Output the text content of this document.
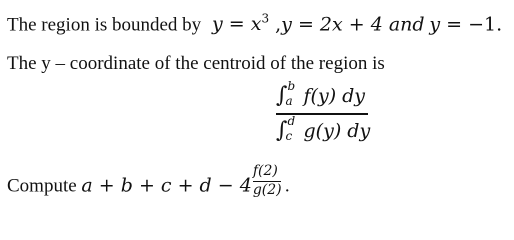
The region is bounded by $y = x^3$ ,y = 2x + 4 and y = −1.
The y – coordinate of the centroid of the region is
∫ b
a f(y) dy
∫ d
c g(y) dy
Compute $a + b + c + d - 4 \frac{f(2)}{g(2)}$ .
